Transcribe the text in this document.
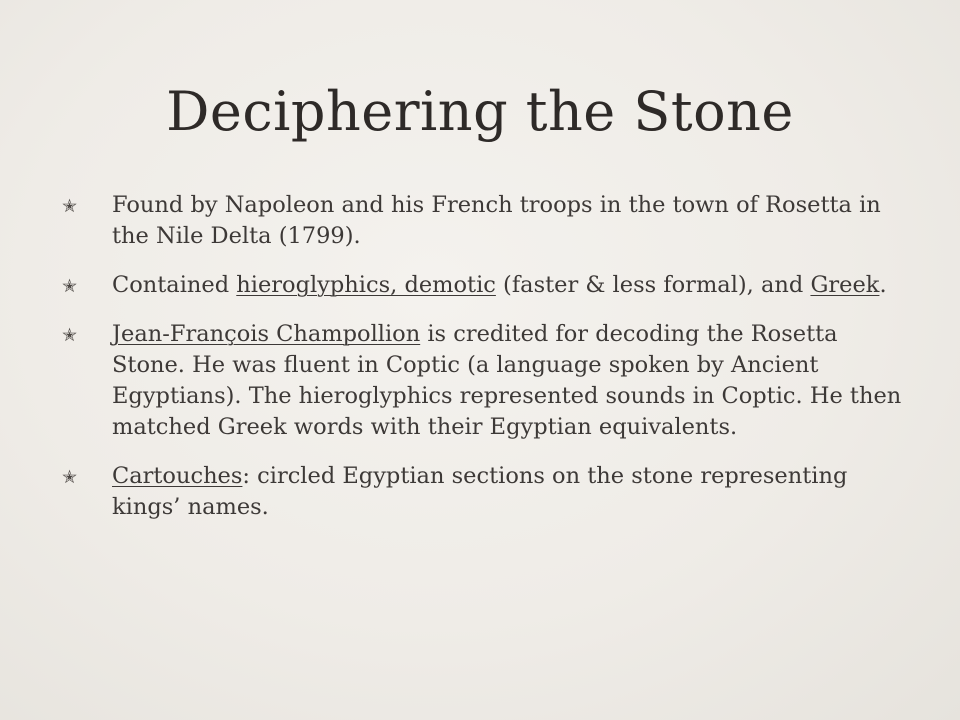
Deciphering the Stone
✭ Found by Napoleon and his French troops in the town of Rosetta in the Nile Delta (1799).
✭ Contained hieroglyphics, demotic (faster & less formal), and Greek.
✭ Jean-François Champollion is credited for decoding the Rosetta Stone. He was fluent in Coptic (a language spoken by Ancient Egyptians). The hieroglyphics represented sounds in Coptic. He then matched Greek words with their Egyptian equivalents.
✭ Cartouches: circled Egyptian sections on the stone representing kings’ names.
